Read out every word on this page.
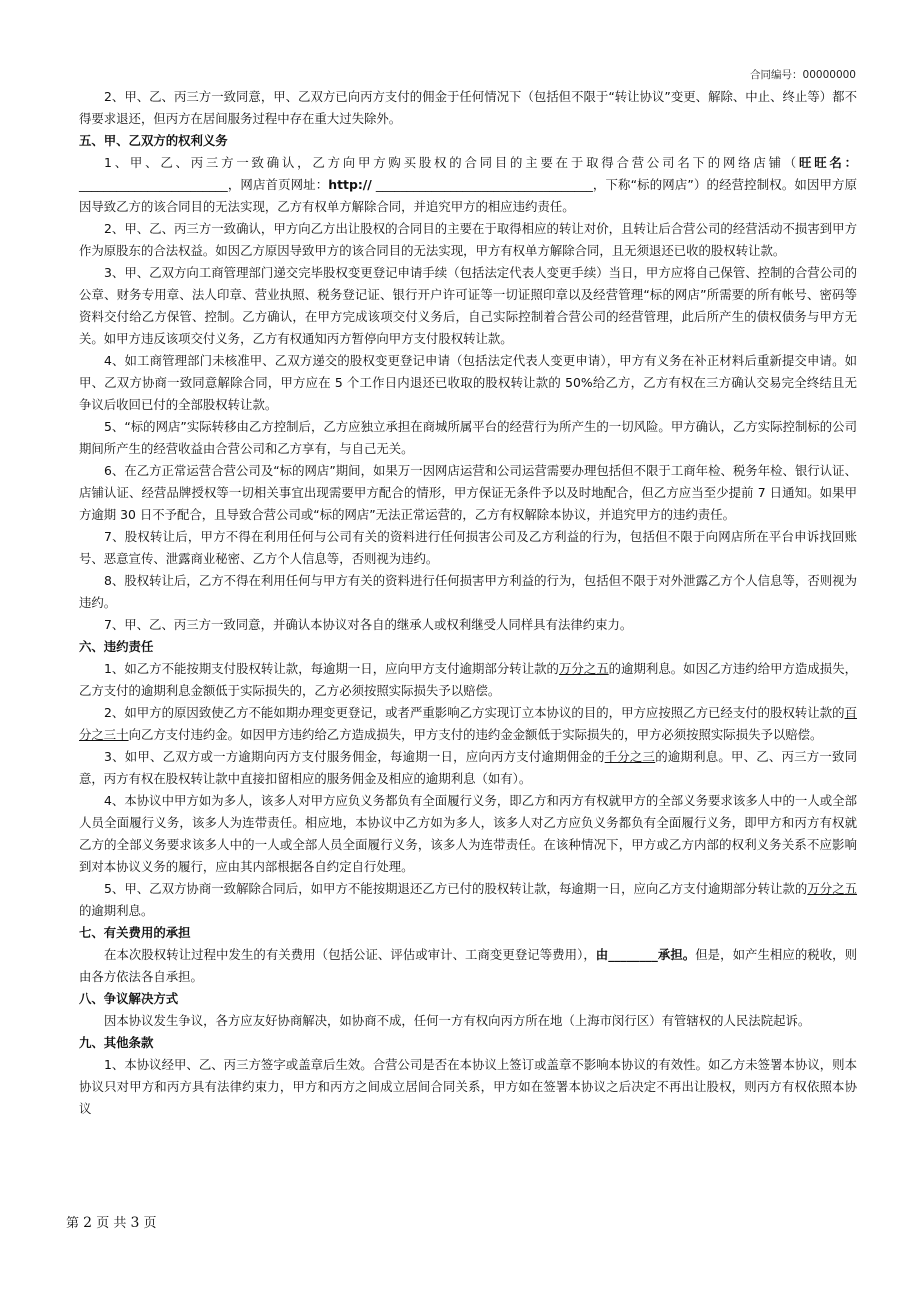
合同编号：00000000

2、甲、乙、丙三方一致同意，甲、乙双方已向丙方支付的佣金于任何情况下（包括但不限于“转让协议”变更、解除、中止、终止等）都不得要求退还，但丙方在居间服务过程中存在重大过失除外。

五、甲、乙双方的权利义务

1、甲、乙、丙三方一致确认，乙方向甲方购买股权的合同目的主要在于取得合营公司名下的网络店铺（旺旺名：________________________，网店首页网址：http:// ___________________________________，下称“标的网店”）的经营控制权。如因甲方原因导致乙方的该合同目的无法实现，乙方有权单方解除合同，并追究甲方的相应违约责任。

2、甲、乙、丙三方一致确认，甲方向乙方出让股权的合同目的主要在于取得相应的转让对价，且转让后合营公司的经营活动不损害到甲方作为原股东的合法权益。如因乙方原因导致甲方的该合同目的无法实现，甲方有权单方解除合同，且无须退还已收的股权转让款。

3、甲、乙双方向工商管理部门递交完毕股权变更登记申请手续（包括法定代表人变更手续）当日，甲方应将自己保管、控制的合营公司的公章、财务专用章、法人印章、营业执照、税务登记证、银行开户许可证等一切证照印章以及经营管理“标的网店”所需要的所有帐号、密码等资料交付给乙方保管、控制。乙方确认，在甲方完成该项交付义务后，自己实际控制着合营公司的经营管理，此后所产生的债权债务与甲方无关。如甲方违反该项交付义务，乙方有权通知丙方暂停向甲方支付股权转让款。

4、如工商管理部门未核准甲、乙双方递交的股权变更登记申请（包括法定代表人变更申请），甲方有义务在补正材料后重新提交申请。如甲、乙双方协商一致同意解除合同，甲方应在 5 个工作日内退还已收取的股权转让款的 50%给乙方，乙方有权在三方确认交易完全终结且无争议后收回已付的全部股权转让款。

5、“标的网店”实际转移由乙方控制后，乙方应独立承担在商城所属平台的经营行为所产生的一切风险。甲方确认，乙方实际控制标的公司期间所产生的经营收益由合营公司和乙方享有，与自己无关。

6、在乙方正常运营合营公司及“标的网店”期间，如果万一因网店运营和公司运营需要办理包括但不限于工商年检、税务年检、银行认证、店铺认证、经营品牌授权等一切相关事宜出现需要甲方配合的情形，甲方保证无条件予以及时地配合，但乙方应当至少提前 7 日通知。如果甲方逾期 30 日不予配合，且导致合营公司或“标的网店”无法正常运营的，乙方有权解除本协议，并追究甲方的违约责任。

7、股权转让后，甲方不得在利用任何与公司有关的资料进行任何损害公司及乙方利益的行为，包括但不限于向网店所在平台申诉找回账号、恶意宣传、泄露商业秘密、乙方个人信息等，否则视为违约。

8、股权转让后，乙方不得在利用任何与甲方有关的资料进行任何损害甲方利益的行为，包括但不限于对外泄露乙方个人信息等，否则视为违约。

7、甲、乙、丙三方一致同意，并确认本协议对各自的继承人或权利继受人同样具有法律约束力。

六、违约责任

1、如乙方不能按期支付股权转让款，每逾期一日，应向甲方支付逾期部分转让款的万分之五的逾期利息。如因乙方违约给甲方造成损失，乙方支付的逾期利息金额低于实际损失的，乙方必须按照实际损失予以赔偿。

2、如甲方的原因致使乙方不能如期办理变更登记，或者严重影响乙方实现订立本协议的目的，甲方应按照乙方已经支付的股权转让款的百分之三十向乙方支付违约金。如因甲方违约给乙方造成损失，甲方支付的违约金金额低于实际损失的，甲方必须按照实际损失予以赔偿。

3、如甲、乙双方或一方逾期向丙方支付服务佣金，每逾期一日，应向丙方支付逾期佣金的千分之三的逾期利息。甲、乙、丙三方一致同意，丙方有权在股权转让款中直接扣留相应的服务佣金及相应的逾期利息（如有）。

4、本协议中甲方如为多人，该多人对甲方应负义务都负有全面履行义务，即乙方和丙方有权就甲方的全部义务要求该多人中的一人或全部人员全面履行义务，该多人为连带责任。相应地，本协议中乙方如为多人，该多人对乙方应负义务都负有全面履行义务，即甲方和丙方有权就乙方的全部义务要求该多人中的一人或全部人员全面履行义务，该多人为连带责任。在该种情况下，甲方或乙方内部的权利义务关系不应影响到对本协议义务的履行，应由其内部根据各自约定自行处理。

5、甲、乙双方协商一致解除合同后，如甲方不能按期退还乙方已付的股权转让款，每逾期一日，应向乙方支付逾期部分转让款的万分之五的逾期利息。

七、有关费用的承担

在本次股权转让过程中发生的有关费用（包括公证、评估或审计、工商变更登记等费用），由________承担。但是，如产生相应的税收，则由各方依法各自承担。

八、争议解决方式

因本协议发生争议，各方应友好协商解决，如协商不成，任何一方有权向丙方所在地（上海市闵行区）有管辖权的人民法院起诉。

九、其他条款

1、本协议经甲、乙、丙三方签字或盖章后生效。合营公司是否在本协议上签订或盖章不影响本协议的有效性。如乙方未签署本协议，则本协议只对甲方和丙方具有法律约束力，甲方和丙方之间成立居间合同关系，甲方如在签署本协议之后决定不再出让股权，则丙方有权依照本协议

第 2 页 共 3 页
